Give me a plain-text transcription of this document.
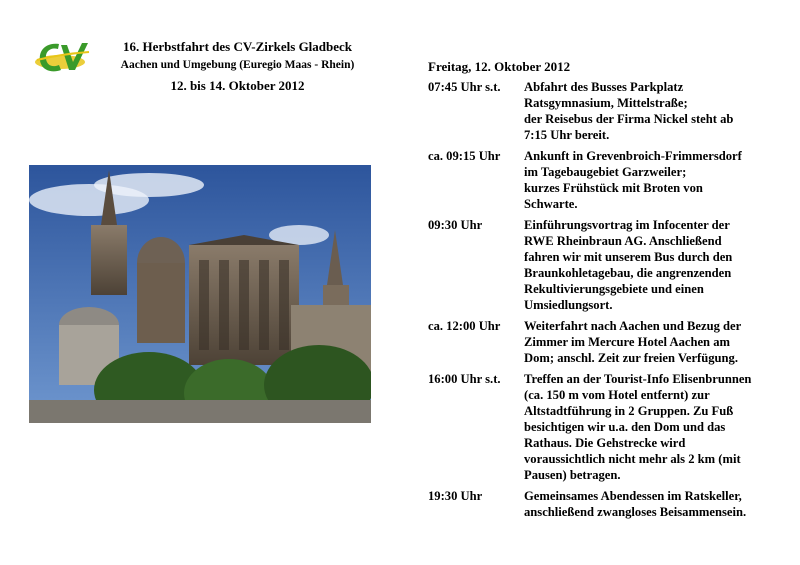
16. Herbstfahrt des CV-Zirkels Gladbeck
Aachen und Umgebung (Euregio Maas - Rhein)
12. bis 14. Oktober 2012
Freitag, 12. Oktober 2012
07:45 Uhr s.t.	Abfahrt des Busses Parkplatz
Ratsgymnasium, Mittelstraße;
der Reisebus der Firma Nickel steht ab
7:15 Uhr bereit.
ca. 09:15 Uhr	Ankunft in Grevenbroich-Frimmersdorf
im Tagebaugebiet Garzweiler;
kurzes Frühstück mit Broten von
Schwarte.
09:30 Uhr	Einführungsvortrag im Infocenter der
RWE Rheinbraun AG. Anschließend
fahren wir mit unserem Bus durch den
Braunkohletagebau, die angrenzenden
Rekultivierungsgebiete und einen
Umsiedlungsort.
ca. 12:00 Uhr	Weiterfahrt nach Aachen und Bezug der
Zimmer im Mercure Hotel Aachen am
Dom; anschl. Zeit zur freien Verfügung.
16:00 Uhr s.t.	Treffen an der Tourist-Info Elisenbrunnen
(ca. 150 m vom Hotel entfernt) zur
Altstadtführung in 2 Gruppen. Zu Fuß
besichtigen wir u.a. den Dom und das
Rathaus. Die Gehstrecke wird
voraussichtlich nicht mehr als 2 km (mit
Pausen) betragen.
19:30 Uhr	Gemeinsames Abendessen im Ratskeller,
anschließend zwangloses Beisammensein.
